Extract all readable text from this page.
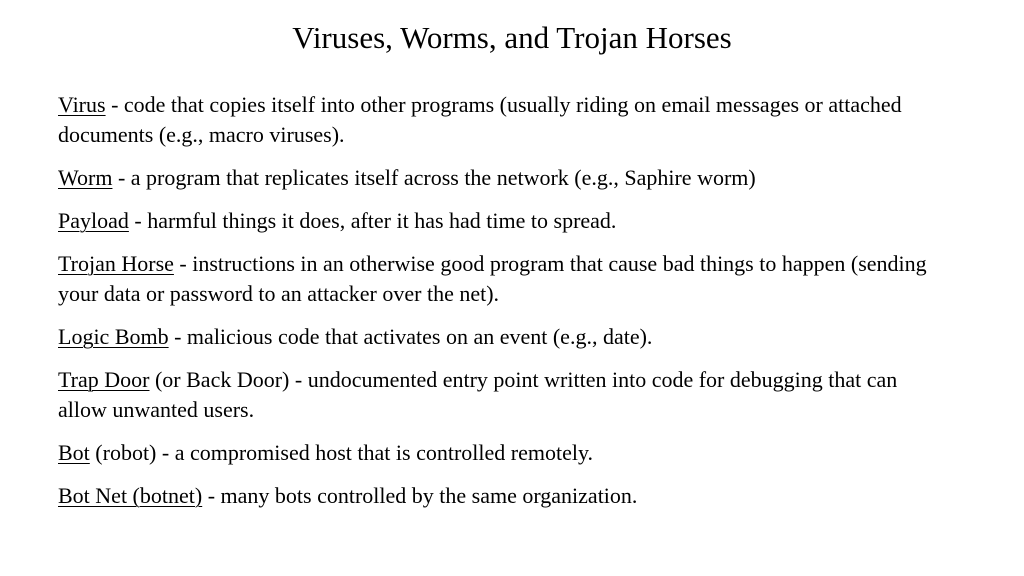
Viruses, Worms, and Trojan Horses

Virus - code that copies itself into other programs (usually riding on email messages or attached documents (e.g., macro viruses).

Worm - a program that replicates itself across the network (e.g., Saphire worm)

Payload - harmful things it does, after it has had time to spread.

Trojan Horse - instructions in an otherwise good program that cause bad things to happen (sending your data or password to an attacker over the net).

Logic Bomb - malicious code that activates on an event (e.g., date).

Trap Door (or Back Door) - undocumented entry point written into code for debugging that can allow unwanted users.

Bot (robot) - a compromised host that is controlled remotely.

Bot Net (botnet) - many bots controlled by the same organization.
